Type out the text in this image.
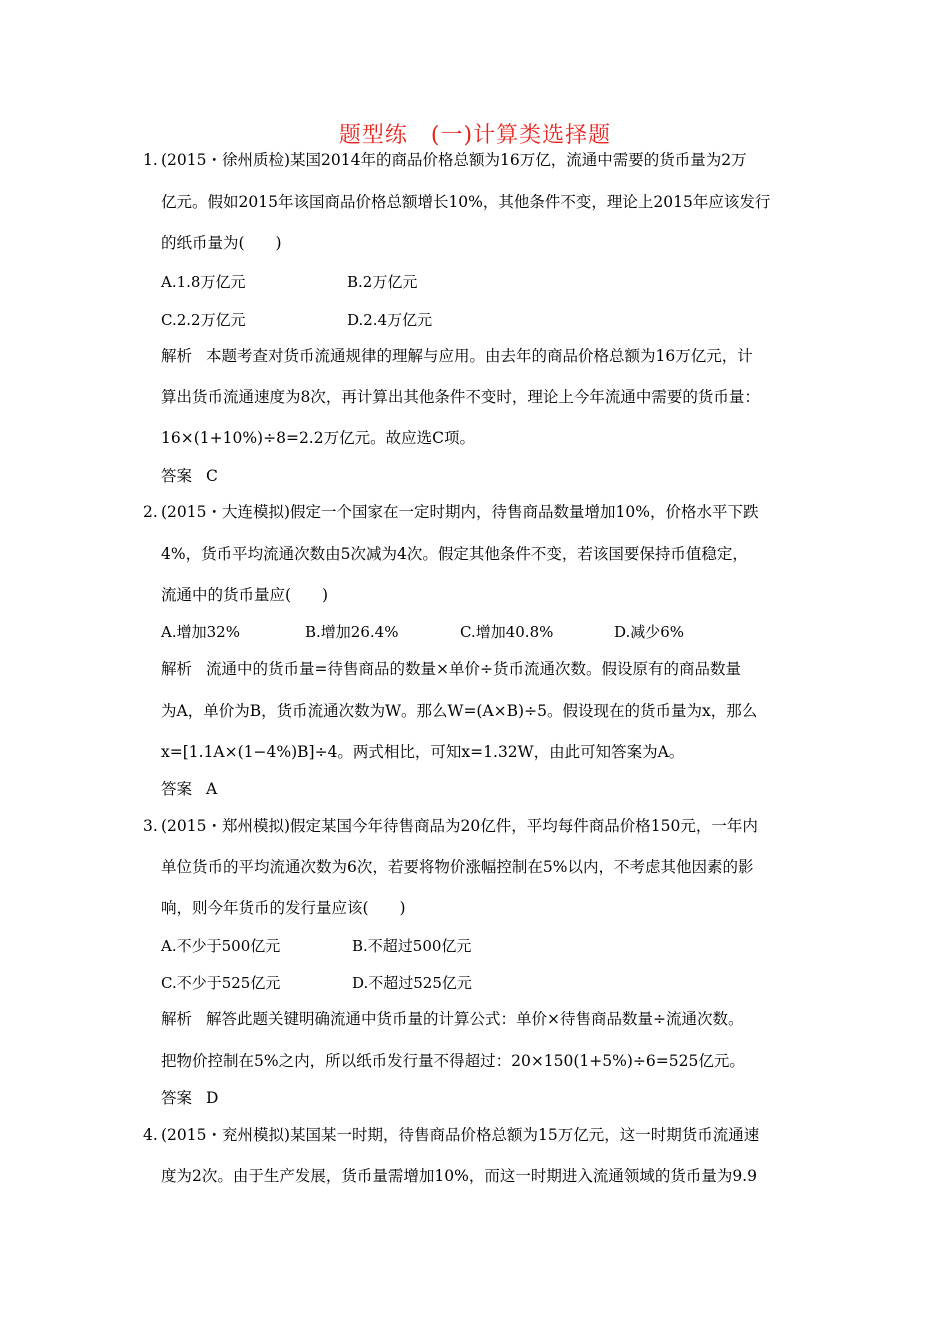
题型练　(一)计算类选择题
1. (2015・徐州质检)某国2014年的商品价格总额为16万亿，流通中需要的货币量为2万
亿元。假如2015年该国商品价格总额增长10%，其他条件不变，理论上2015年应该发行
的纸币量为(　　)
A.1.8万亿元	B.2万亿元
C.2.2万亿元	D.2.4万亿元
解析 本题考查对货币流通规律的理解与应用。由去年的商品价格总额为16万亿元，计
算出货币流通速度为8次，再计算出其他条件不变时，理论上今年流通中需要的货币量：
16×(1+10%)÷8=2.2万亿元。故应选C项。
答案 C
2. (2015・大连模拟)假定一个国家在一定时期内，待售商品数量增加10%，价格水平下跌
4%，货币平均流通次数由5次减为4次。假定其他条件不变，若该国要保持币值稳定，
流通中的货币量应(　　)
A.增加32%	B.增加26.4%	C.增加40.8%	D.减少6%
解析 流通中的货币量=待售商品的数量×单价÷货币流通次数。假设原有的商品数量
为A，单价为B，货币流通次数为W。那么W=(A×B)÷5。假设现在的货币量为x，那么
x=[1.1A×(1−4%)B]÷4。两式相比，可知x=1.32W，由此可知答案为A。
答案 A
3. (2015・郑州模拟)假定某国今年待售商品为20亿件，平均每件商品价格150元，一年内
单位货币的平均流通次数为6次，若要将物价涨幅控制在5%以内，不考虑其他因素的影
响，则今年货币的发行量应该(　　)
A.不少于500亿元	B.不超过500亿元
C.不少于525亿元	D.不超过525亿元
解析 解答此题关键明确流通中货币量的计算公式：单价×待售商品数量÷流通次数。
把物价控制在5%之内，所以纸币发行量不得超过：20×150(1+5%)÷6=525亿元。
答案 D
4. (2015・兖州模拟)某国某一时期，待售商品价格总额为15万亿元，这一时期货币流通速
度为2次。由于生产发展，货币量需增加10%，而这一时期进入流通领域的货币量为9.9
